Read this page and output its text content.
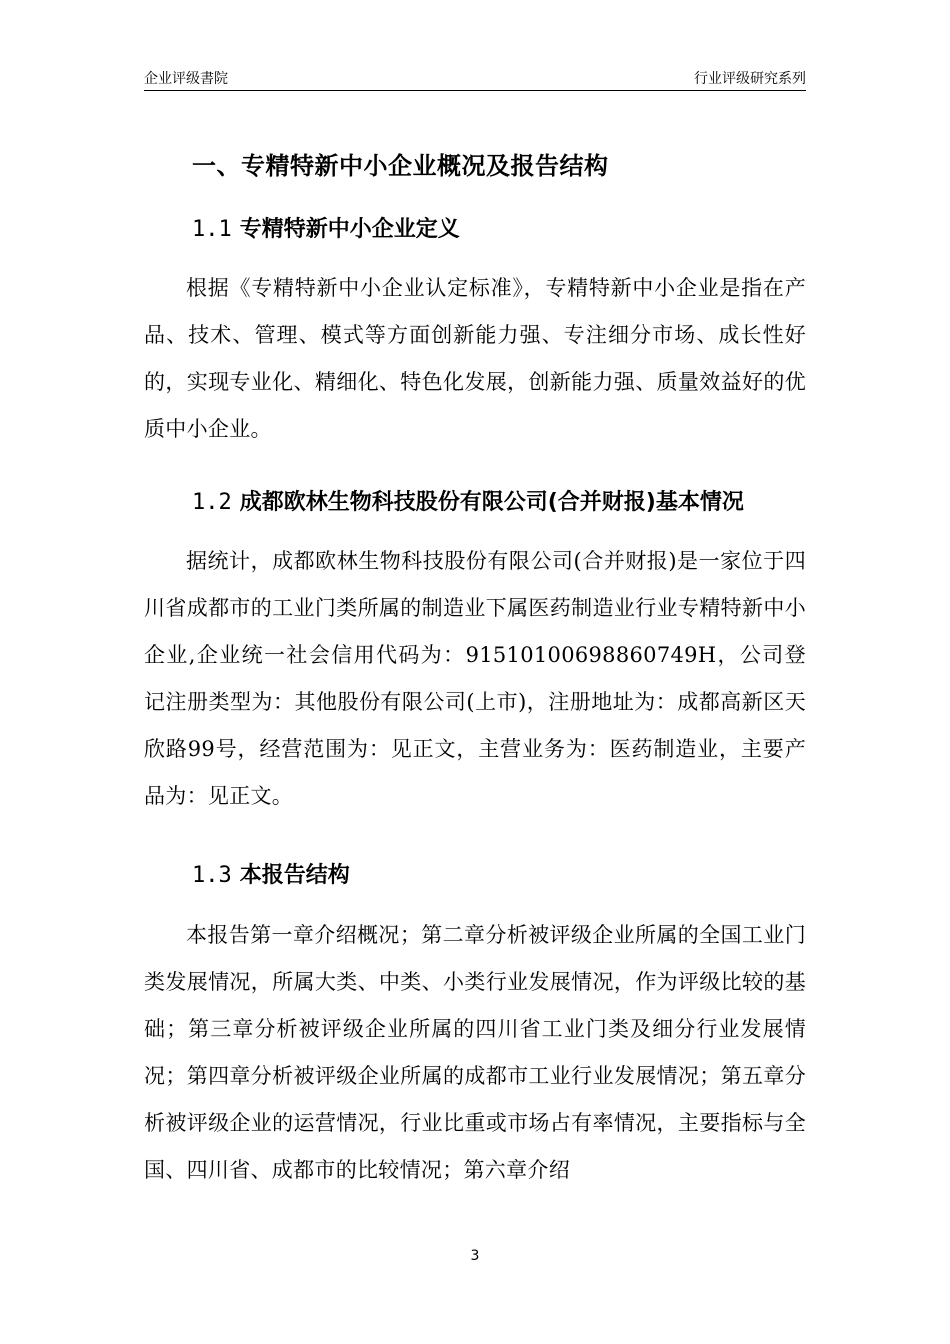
企业评级書院	行业评级研究系列
一、专精特新中小企业概况及报告结构
1.1 专精特新中小企业定义

根据《专精特新中小企业认定标准》，专精特新中小企业是指在产品、技术、管理、模式等方面创新能力强、专注细分市场、成长性好的，实现专业化、精细化、特色化发展，创新能力强、质量效益好的优质中小企业。

1.2 成都欧林生物科技股份有限公司(合并财报)基本情况

据统计，成都欧林生物科技股份有限公司(合并财报)是一家位于四川省成都市的工业门类所属的制造业下属医药制造业行业专精特新中小企业,企业统一社会信用代码为：91510100698860749H，公司登记注册类型为：其他股份有限公司(上市)，注册地址为：成都高新区天欣路99号，经营范围为：见正文，主营业务为：医药制造业，主要产品为：见正文。

1.3 本报告结构

本报告第一章介绍概况；第二章分析被评级企业所属的全国工业门类发展情况，所属大类、中类、小类行业发展情况，作为评级比较的基础；第三章分析被评级企业所属的四川省工业门类及细分行业发展情况；第四章分析被评级企业所属的成都市工业行业发展情况；第五章分析被评级企业的运营情况，行业比重或市场占有率情况，主要指标与全国、四川省、成都市的比较情况；第六章介绍

3
